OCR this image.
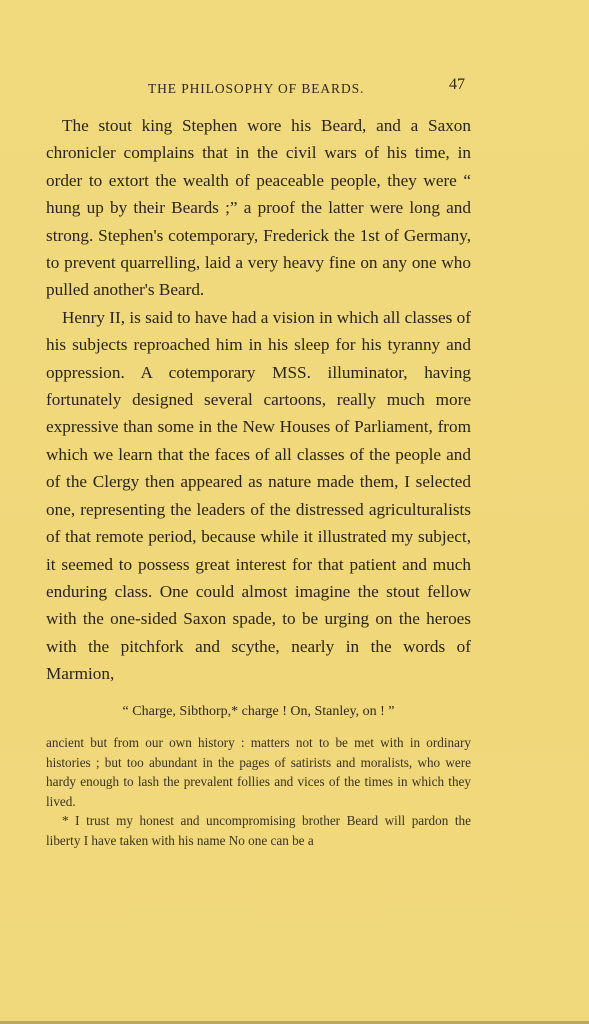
THE PHILOSOPHY OF BEARDS.	47

The stout king Stephen wore his Beard, and a Saxon chronicler complains that in the civil wars of his time, in order to extort the wealth of peaceable people, they were “ hung up by their Beards ;” a proof the latter were long and strong. Stephen's cotemporary, Frederick the 1st of Germany, to prevent quarrelling, laid a very heavy fine on any one who pulled another's Beard.

Henry II, is said to have had a vision in which all classes of his subjects reproached him in his sleep for his tyranny and oppression. A cotemporary MSS. illuminator, having fortunately designed several cartoons, really much more expressive than some in the New Houses of Parliament, from which we learn that the faces of all classes of the people and of the Clergy then appeared as nature made them, I selected one, representing the leaders of the distressed agriculturalists of that remote period, because while it illustrated my subject, it seemed to possess great interest for that patient and much enduring class. One could almost imagine the stout fellow with the one-sided Saxon spade, to be urging on the heroes with the pitchfork and scythe, nearly in the words of Marmion,

“ Charge, Sibthorp,* charge ! On, Stanley, on ! ”

ancient but from our own history : matters not to be met with in ordinary histories ; but too abundant in the pages of satirists and moralists, who were hardy enough to lash the prevalent follies and vices of the times in which they lived.

* I trust my honest and uncompromising brother Beard will pardon the liberty I have taken with his name No one can be a
